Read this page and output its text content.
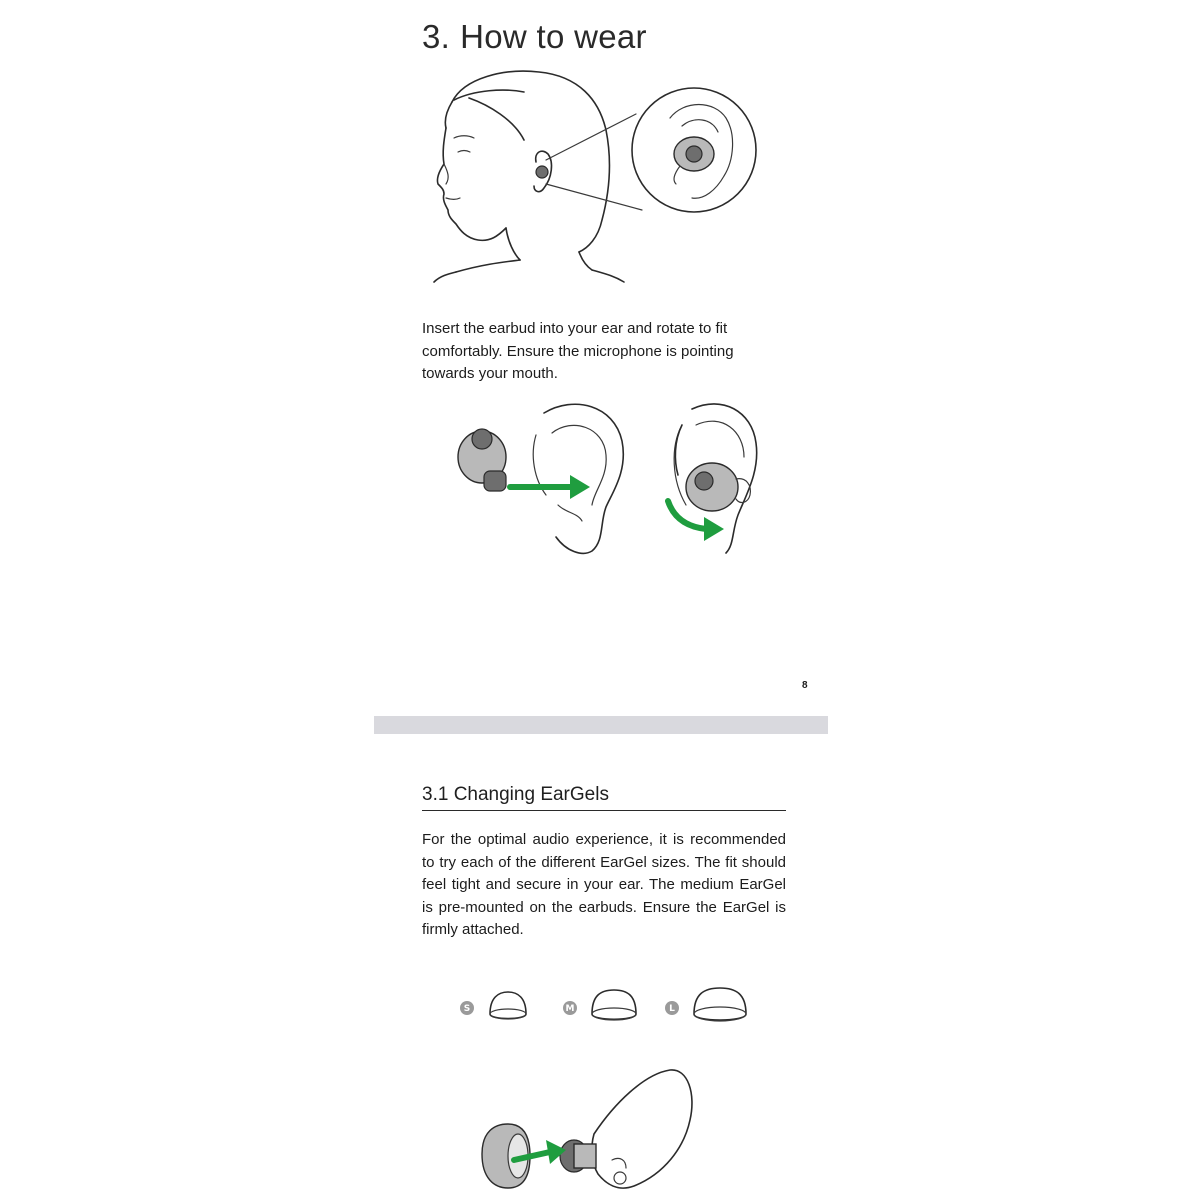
3. How to wear

Insert the earbud into your ear and rotate to fit comfortably. Ensure the microphone is pointing towards your mouth.

8
3.1 Changing EarGels

For the optimal audio experience, it is recommended to try each of the different EarGel sizes. The fit should feel tight and secure in your ear. The medium EarGel is pre-mounted on the earbuds. Ensure the EarGel is firmly attached.

S	M	L
